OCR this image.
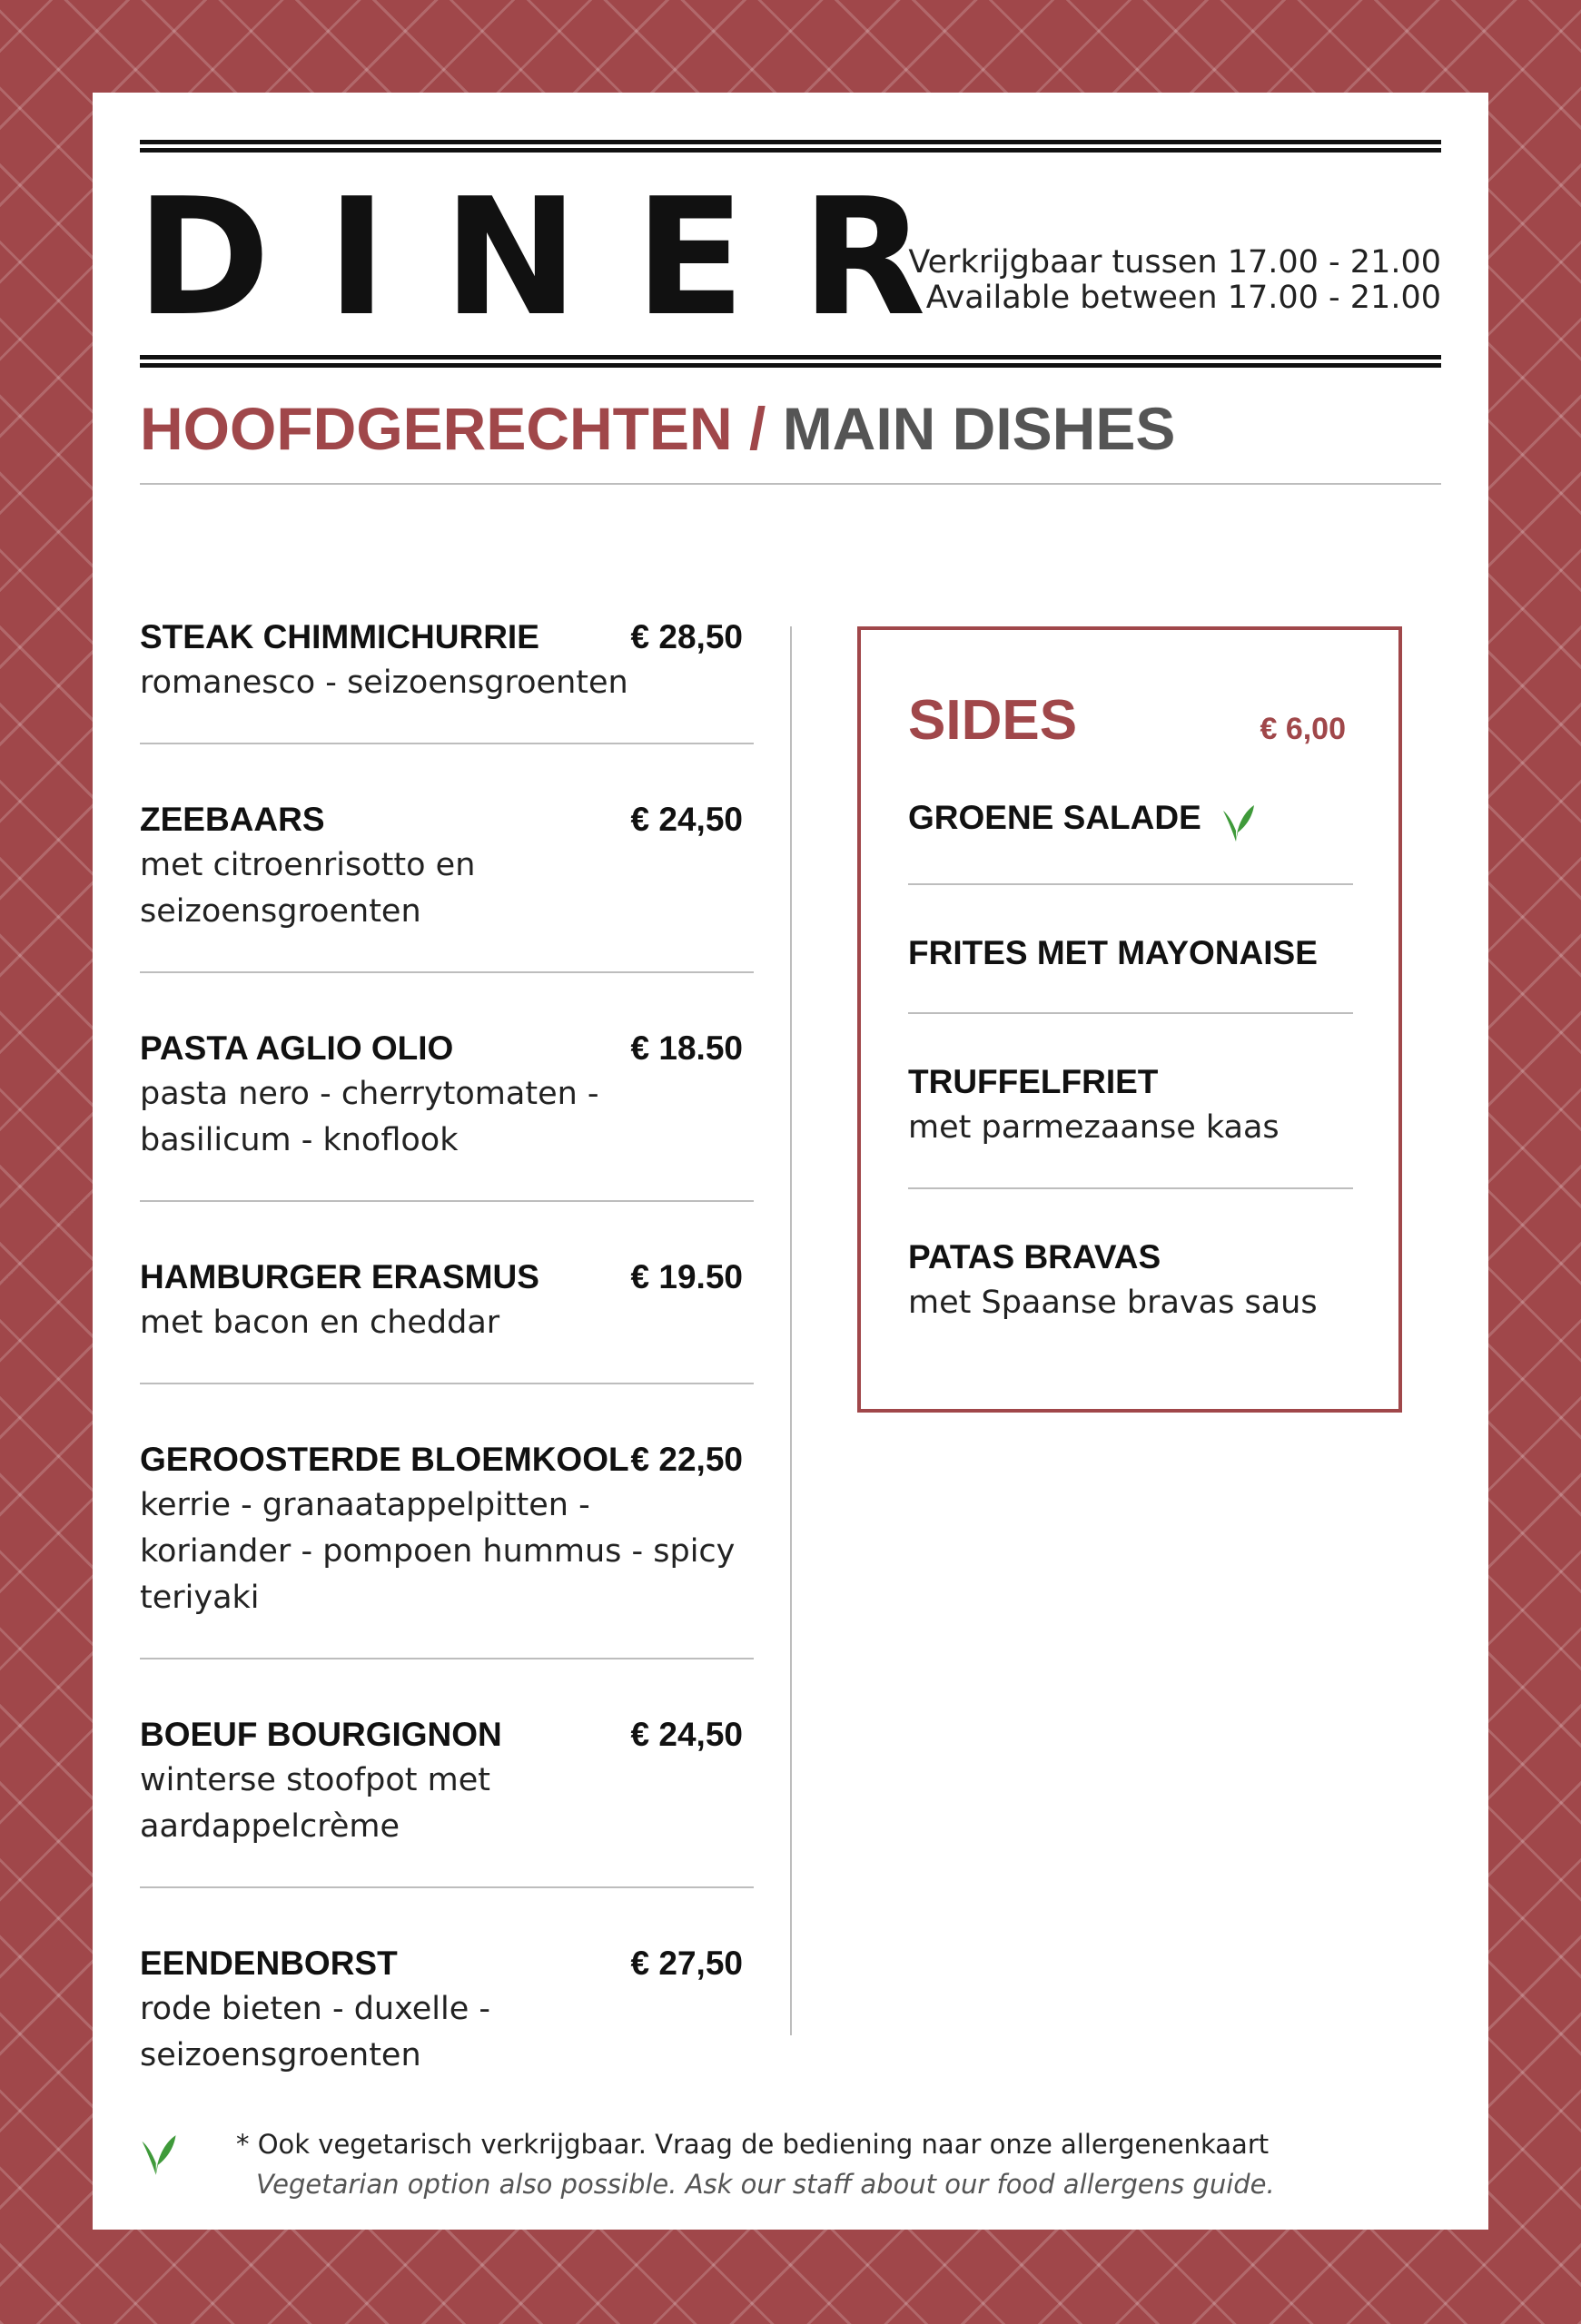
DINER
Verkrijgbaar tussen 17.00 - 21.00
Available between 17.00 - 21.00
HOOFDGERECHTEN / MAIN DISHES
STEAK CHIMMICHURRIE	€ 28,50
romanesco - seizoensgroenten
ZEEBAARS	€ 24,50
met citroenrisotto en seizoensgroenten
PASTA AGLIO OLIO	€ 18.50
pasta nero - cherrytomaten - basilicum - knoflook
HAMBURGER ERASMUS	€ 19.50
met bacon en cheddar
GEROOSTERDE BLOEMKOOL € 22,50
kerrie - granaatappelpitten - koriander - pompoen hummus - spicy teriyaki
BOEUF BOURGIGNON	€ 24,50
winterse stoofpot met aardappelcrème
EENDENBORST	€ 27,50
rode bieten - duxelle - seizoensgroenten
SIDES	€ 6,00
GROENE SALADE
FRITES MET MAYONAISE
TRUFFELFRIET
met parmezaanse kaas
PATAS BRAVAS
met Spaanse bravas saus
* Ook vegetarisch verkrijgbaar. Vraag de bediening naar onze allergenenkaart
Vegetarian option also possible. Ask our staff about our food allergens guide.
